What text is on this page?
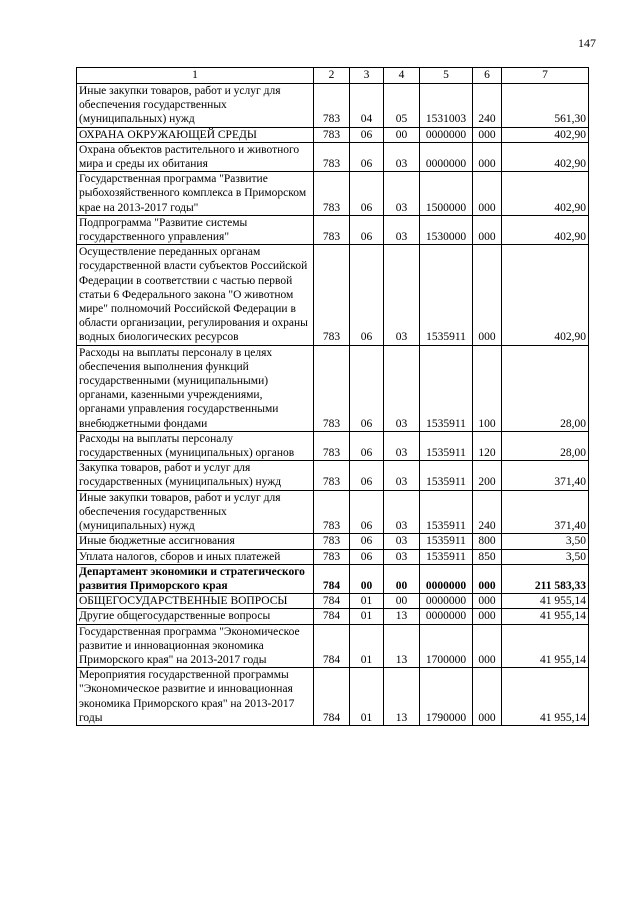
147
1	2	3	4	5	6	7
Иные закупки товаров, работ и услуг для обеспечения государственных (муниципальных) нужд	783	04	05	1531003	240	561,30
ОХРАНА ОКРУЖАЮЩЕЙ СРЕДЫ	783	06	00	0000000	000	402,90
Охрана объектов растительного и животного мира и среды их обитания	783	06	03	0000000	000	402,90
Государственная программа "Развитие рыбохозяйственного комплекса в Приморском крае на 2013-2017 годы"	783	06	03	1500000	000	402,90
Подпрограмма "Развитие системы государственного управления"	783	06	03	1530000	000	402,90
Осуществление переданных органам государственной власти субъектов Российской Федерации в соответствии с частью первой статьи 6 Федерального закона "О животном мире" полномочий Российской Федерации в области организации, регулирования и охраны водных биологических ресурсов	783	06	03	1535911	000	402,90
Расходы на выплаты персоналу в целях обеспечения выполнения функций государственными (муниципальными) органами, казенными учреждениями, органами управления государственными внебюджетными фондами	783	06	03	1535911	100	28,00
Расходы на выплаты персоналу государственных (муниципальных) органов	783	06	03	1535911	120	28,00
Закупка товаров, работ и услуг для государственных (муниципальных) нужд	783	06	03	1535911	200	371,40
Иные закупки товаров, работ и услуг для обеспечения государственных (муниципальных) нужд	783	06	03	1535911	240	371,40
Иные бюджетные ассигнования	783	06	03	1535911	800	3,50
Уплата налогов, сборов и иных платежей	783	06	03	1535911	850	3,50
Департамент экономики и стратегического развития Приморского края	784	00	00	0000000	000	211 583,33
ОБЩЕГОСУДАРСТВЕННЫЕ ВОПРОСЫ	784	01	00	0000000	000	41 955,14
Другие общегосударственные вопросы	784	01	13	0000000	000	41 955,14
Государственная программа "Экономическое развитие и инновационная экономика Приморского края" на 2013-2017 годы	784	01	13	1700000	000	41 955,14
Мероприятия государственной программы "Экономическое развитие и инновационная экономика Приморского края" на 2013-2017 годы	784	01	13	1790000	000	41 955,14
